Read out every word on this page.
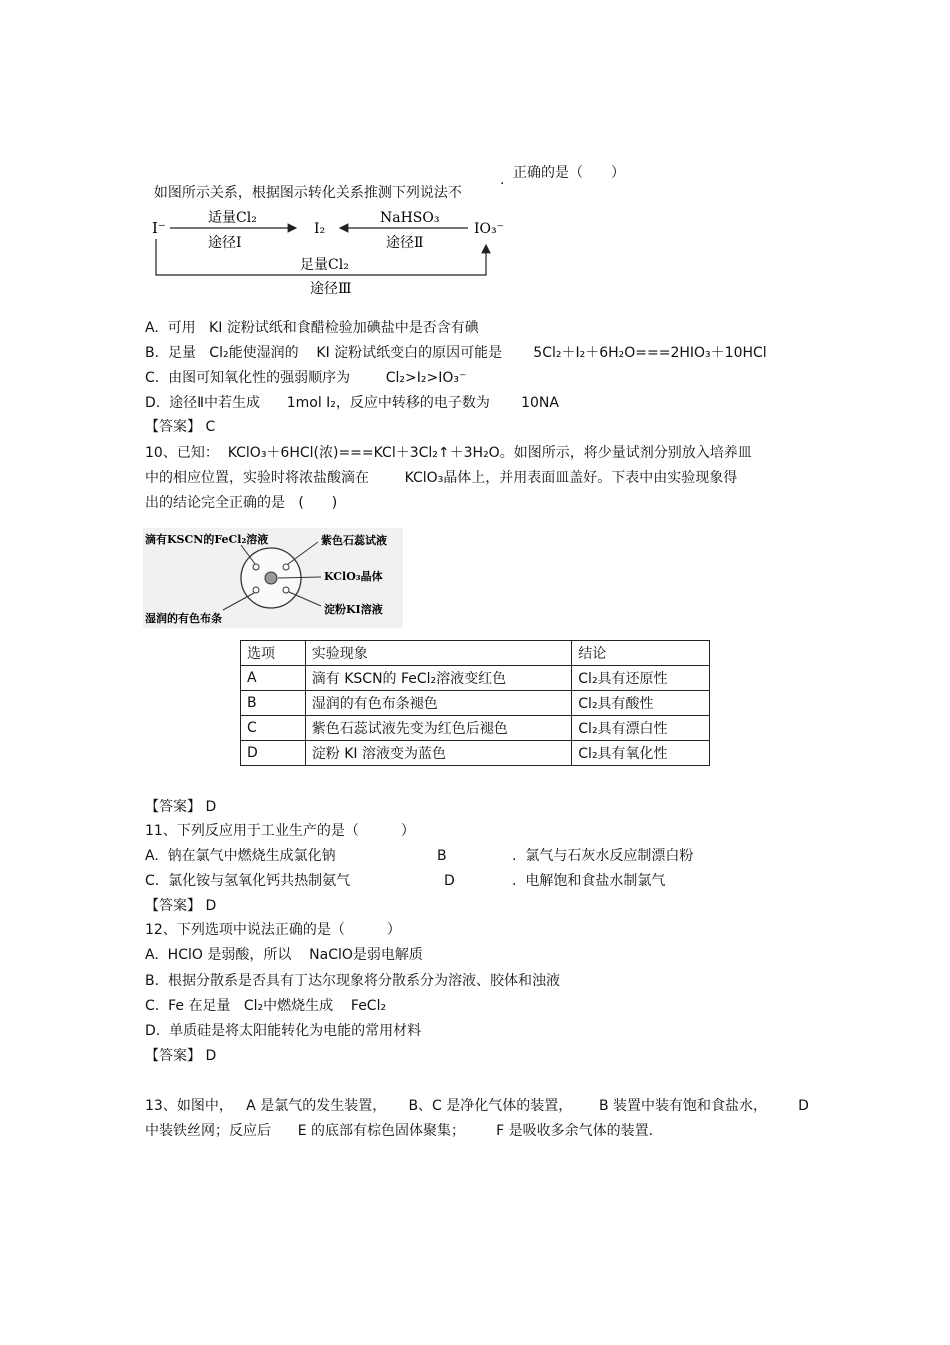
如图所示关系，根据图示转化关系推测下列说法不

. 正确的是（　　）
I⁻
适量Cl₂
途径Ⅰ
I₂
NaHSO₃
途径Ⅱ
IO₃⁻
足量Cl₂
途径Ⅲ
A.  可用   KI 淀粉试纸和食醋检验加碘盐中是否含有碘
B.  足量   Cl₂能使湿润的    KI 淀粉试纸变白的原因可能是       5Cl₂＋I₂＋6H₂O===2HIO₃＋10HCl
C.  由图可知氧化性的强弱顺序为        Cl₂>I₂>IO₃⁻
D.  途径Ⅱ中若生成      1mol I₂，反应中转移的电子数为       10NA
【答案】 C
10、已知：  KClO₃＋6HCl(浓)===KCl＋3Cl₂↑＋3H₂O。如图所示，将少量试剂分别放入培养皿
中的相应位置，实验时将浓盐酸滴在        KClO₃晶体上，并用表面皿盖好。下表中由实验现象得
出的结论完全正确的是   (　　)
滴有KSCN的FeCl₂溶液	紫色石蕊试液
KClO₃晶体
淀粉KI溶液
湿润的有色布条
选项	实验现象	结论
A	滴有 KSCN的 FeCl₂溶液变红色	Cl₂具有还原性
B	湿润的有色布条褪色	Cl₂具有酸性
C	紫色石蕊试液先变为红色后褪色	Cl₂具有漂白性
D	淀粉 KI 溶液变为蓝色	Cl₂具有氧化性
【答案】 D
11、下列反应用于工业生产的是（　　　）
A.  钠在氯气中燃烧生成氯化钠	B	.  氯气与石灰水反应制漂白粉
C.  氯化铵与氢氧化钙共热制氨气	D	.  电解饱和食盐水制氯气
【答案】 D
12、下列选项中说法正确的是（　　　）
A.  HClO 是弱酸，所以    NaClO是弱电解质
B.  根据分散系是否具有丁达尔现象将分散系分为溶液、胶体和浊液
C.  Fe 在足量   Cl₂中燃烧生成    FeCl₂
D.  单质硅是将太阳能转化为电能的常用材料
【答案】 D
13、如图中，   A 是氯气的发生装置，     B、C 是净化气体的装置，      B 装置中装有饱和食盐水，       D
中装铁丝网；反应后      E 的底部有棕色固体聚集；       F 是吸收多余气体的装置.
